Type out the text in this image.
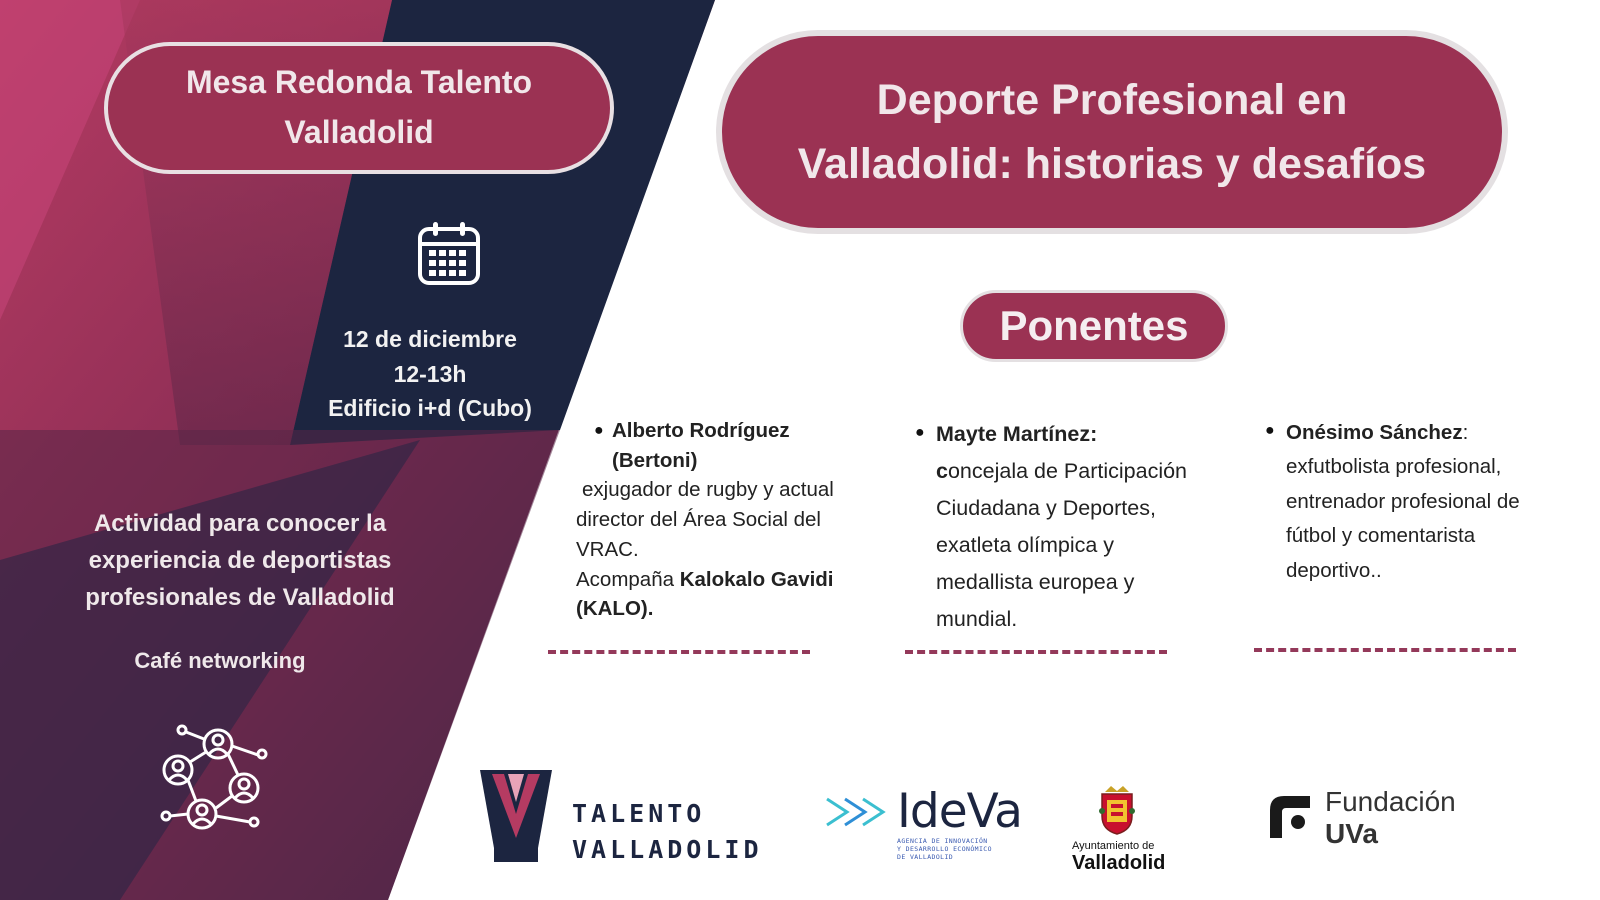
Mesa Redonda Talento Valladolid
Deporte Profesional en Valladolid: historias y desafíos
Ponentes
12 de diciembre
12-13h
Edificio i+d (Cubo)
Actividad para conocer la experiencia de deportistas profesionales de Valladolid
Café networking
● Alberto Rodríguez
(Bertoni)
exjugador de rugby y actual
director del Área Social del
VRAC.
Acompaña Kalokalo Gavidi
(KALO).
● Mayte Martínez:
concejala de Participación
Ciudadana y Deportes,
exatleta olímpica y
medallista europea y
mundial.
● Onésimo Sánchez:
exfutbolista profesional,
entrenador profesional de
fútbol y comentarista
deportivo..
TALENTO
VALLADOLID
IdeVa
AGENCIA DE INNOVACIÓN
Y DESARROLLO ECONÓMICO
DE VALLADOLID
Ayuntamiento de
Valladolid
Fundación
UVa
